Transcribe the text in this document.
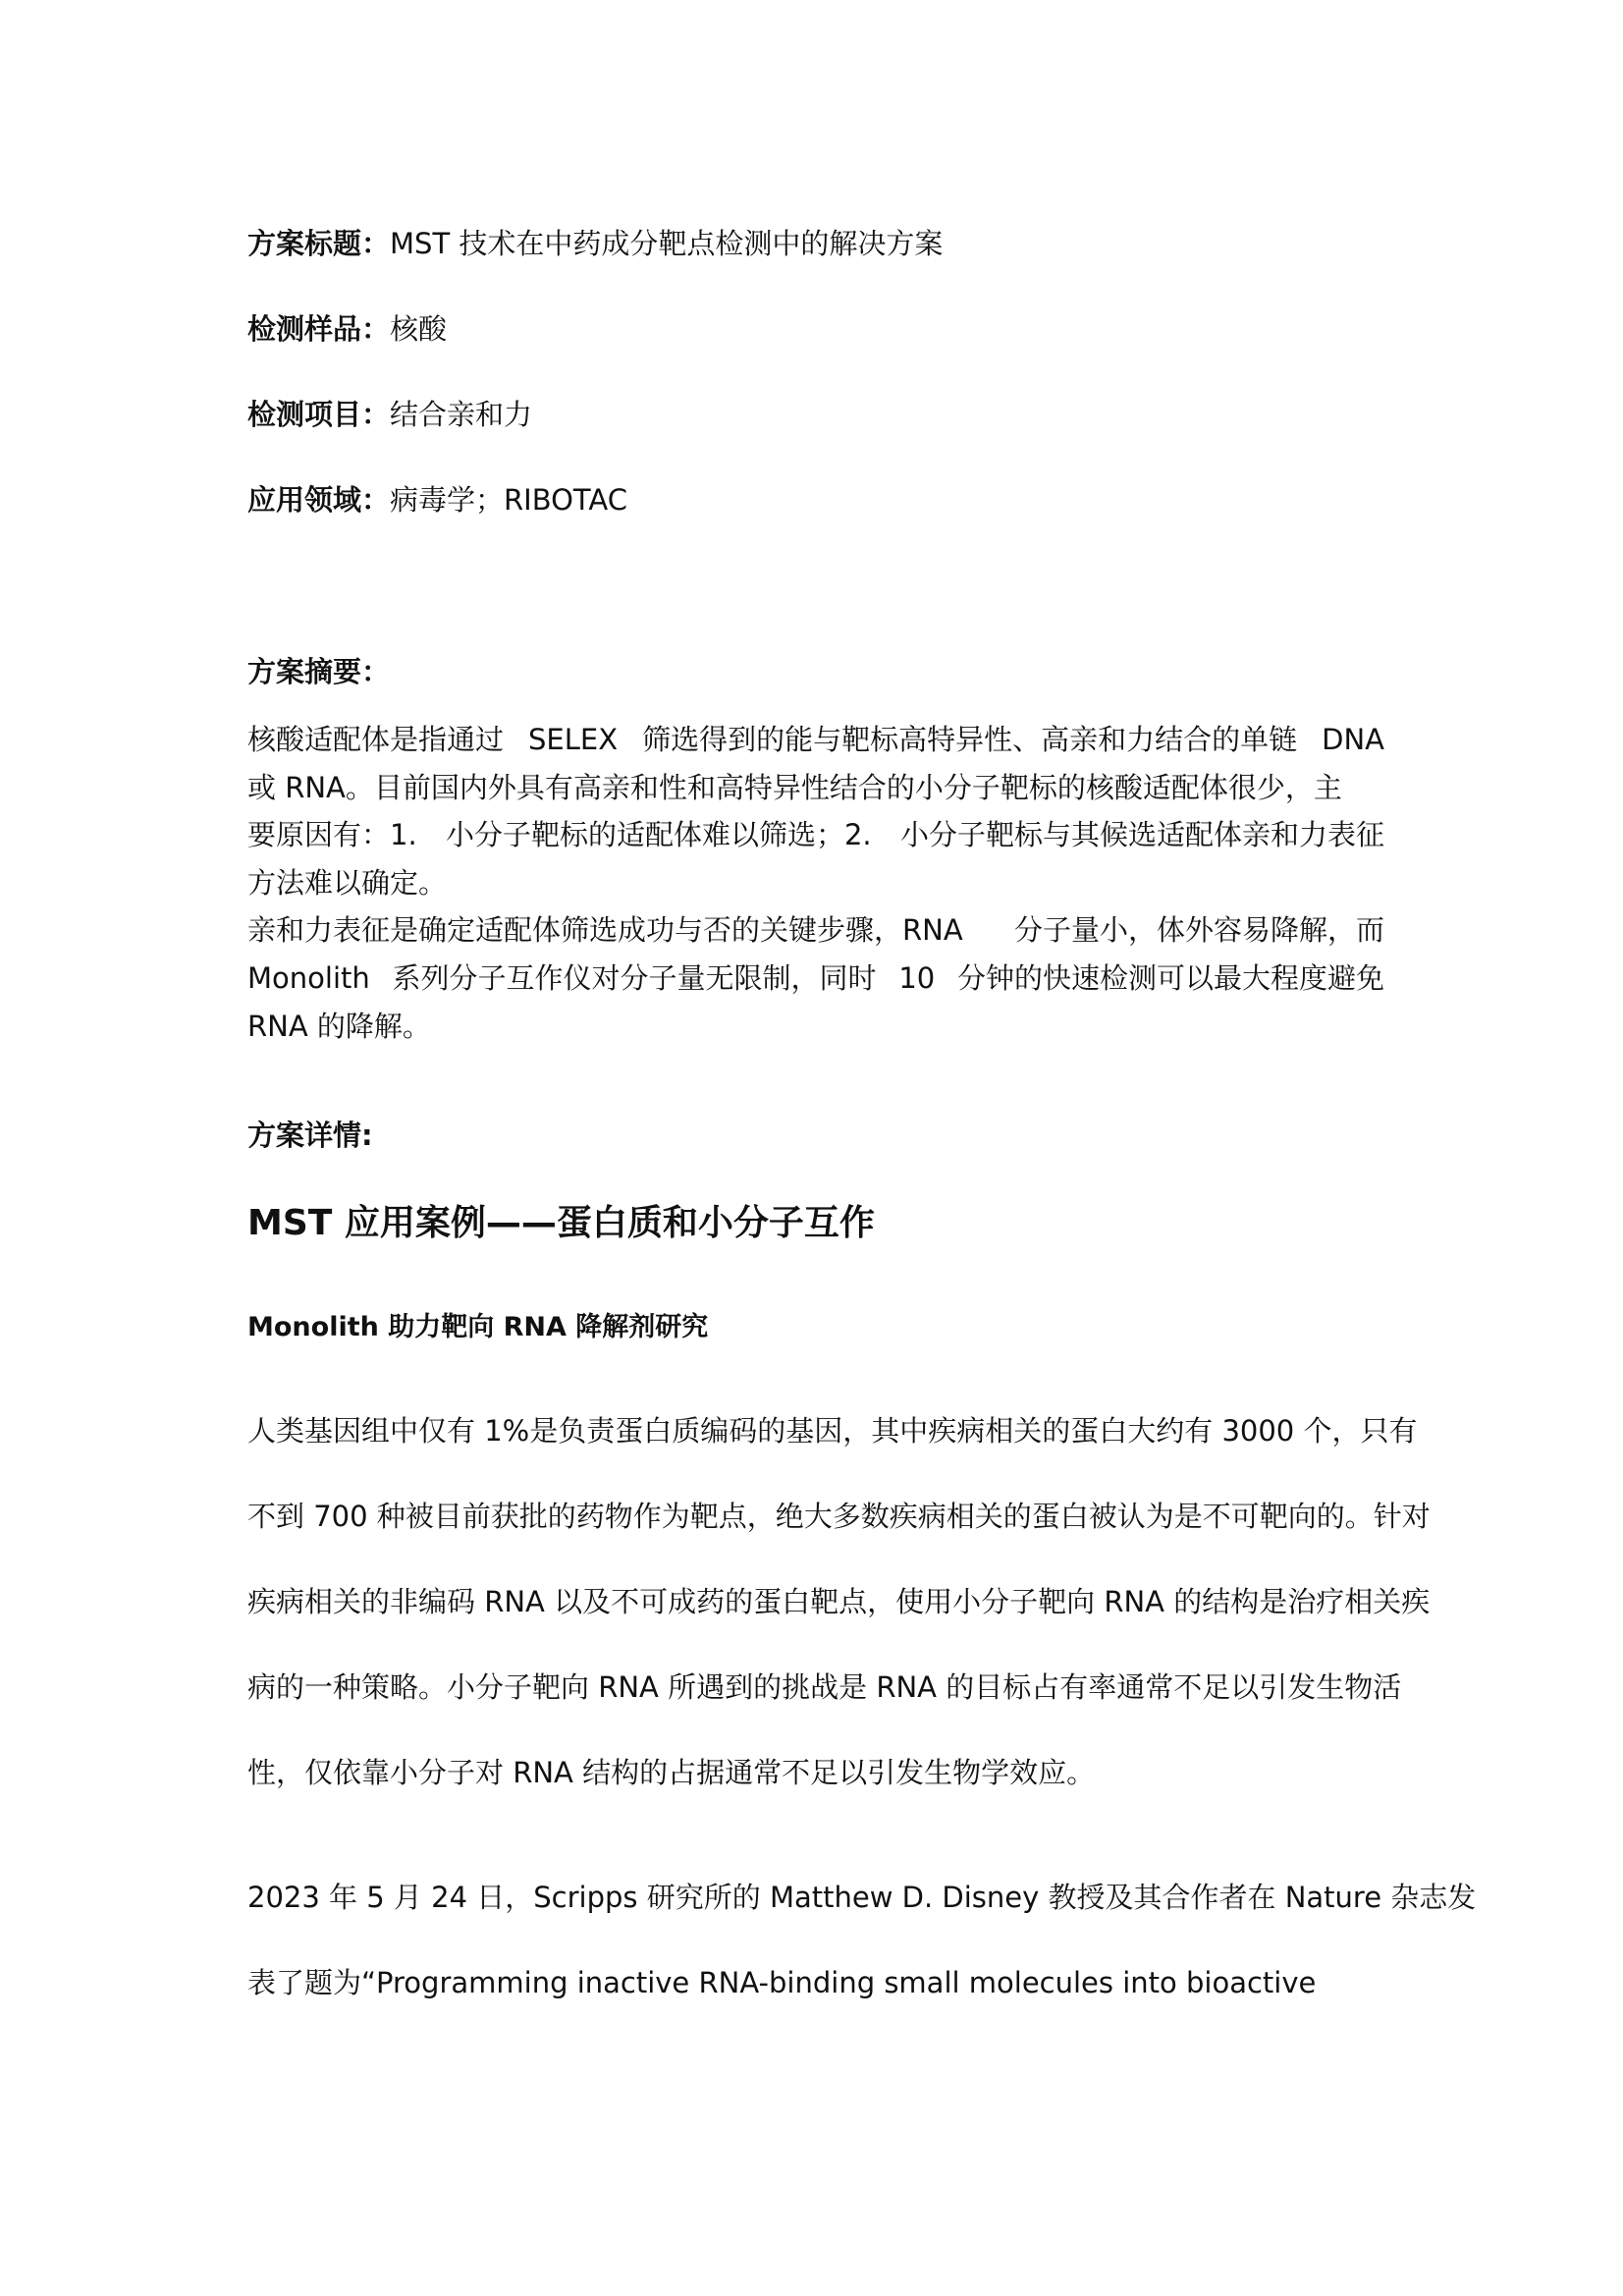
方案标题：MST 技术在中药成分靶点检测中的解决方案
检测样品：核酸
检测项目：结合亲和力
应用领域：病毒学；RIBOTAC
方案摘要：
核酸适配体是指通过 SELEX 筛选得到的能与靶标高特异性、高亲和力结合的单链 DNA
或 RNA。目前国内外具有高亲和性和高特异性结合的小分子靶标的核酸适配体很少，主
要原因有：1. 小分子靶标的适配体难以筛选；2. 小分子靶标与其候选适配体亲和力表征
方法难以确定。
亲和力表征是确定适配体筛选成功与否的关键步骤，RNA 分子量小，体外容易降解，而
Monolith 系列分子互作仪对分子量无限制，同时 10 分钟的快速检测可以最大程度避免
RNA 的降解。
方案详情:
MST 应用案例——蛋白质和小分子互作
Monolith 助力靶向 RNA 降解剂研究
人类基因组中仅有 1%是负责蛋白质编码的基因，其中疾病相关的蛋白大约有 3000 个，只有
不到 700 种被目前获批的药物作为靶点，绝大多数疾病相关的蛋白被认为是不可靶向的。针对
疾病相关的非编码 RNA 以及不可成药的蛋白靶点，使用小分子靶向 RNA 的结构是治疗相关疾
病的一种策略。小分子靶向 RNA 所遇到的挑战是 RNA 的目标占有率通常不足以引发生物活
性，仅依靠小分子对 RNA 结构的占据通常不足以引发生物学效应。
2023 年 5 月 24 日，Scripps 研究所的 Matthew D. Disney 教授及其合作者在 Nature 杂志发
表了题为“Programming inactive RNA-binding small molecules into bioactive
